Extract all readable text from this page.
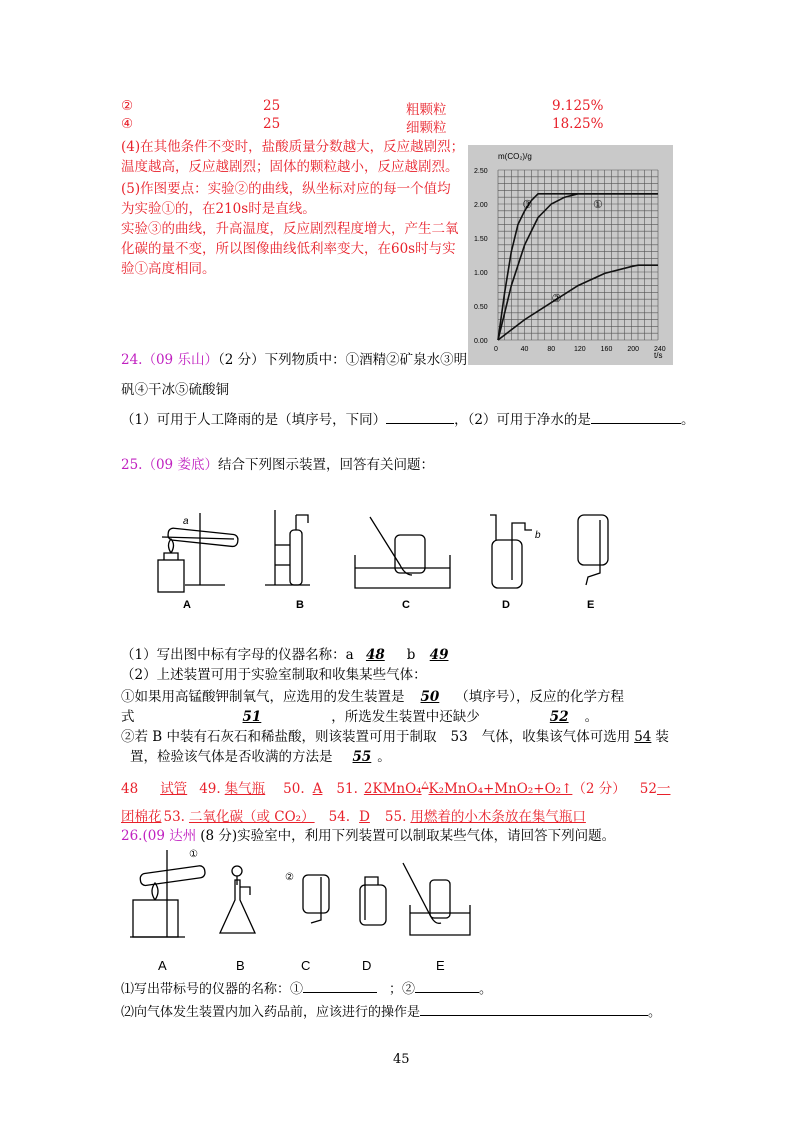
②	25	粗颗粒	9.125%
④	25	细颗粒	18.25%
(4)在其他条件不变时，盐酸质量分数越大，反应越剧烈；
温度越高，反应越剧烈；固体的颗粒越小，反应越剧烈。
(5)作图要点：实验②的曲线，纵坐标对应的每一个值均
为实验①的，在210s时是直线。
实验③的曲线，升高温度，反应剧烈程度增大，产生二氧
化碳的量不变，所以图像曲线低利率变大，在60s时与实
验①高度相同。
③	①
②
0	40	80	120 160 200 240
0.00
0.50
1.00
1.50
2.00
2.50
m(CO₂)/g
t/s
24.（09 乐山）（2 分）下列物质中：①酒精②矿泉水③明
矾④干冰⑤硫酸铜
（1）可用于人工降雨的是（填序号，下同）	，（2）可用于净水的是	。
25.（09 娄底）结合下列图示装置，回答有关问题：
A
a
B	C	D
b
E
（1）写出图中标有字母的仪器名称：a 48 b 49
（2）上述装置可用于实验室制取和收集某些气体：
①如果用高锰酸钾制氧气，应选用的发生装置是 50 （填序号），反应的化学方程
式	51	，所选发生装置中还缺少	52 。
②若 B 中装有石灰石和稀盐酸，则该装置可用于制取 53 气体，收集该气体可选用 54 装
置，检验该气体是否收满的方法是 55 。
48 试管 49. 集气瓶 50. A 51. 2KMnO₄△K₂MnO₄+MnO₂+O₂↑（2 分） 52一
团棉花 53. 二氧化碳（或 CO₂） 54. D 55. 用燃着的小木条放在集气瓶口
26.(09 达州 (8 分)实验室中，利用下列装置可以制取某些气体，请回答下列问题。
①
②
A	B	C	D	E
⑴写出带标号的仪器的名称：①	；②	。
⑵向气体发生装置内加入药品前，应该进行的操作是	。
45
